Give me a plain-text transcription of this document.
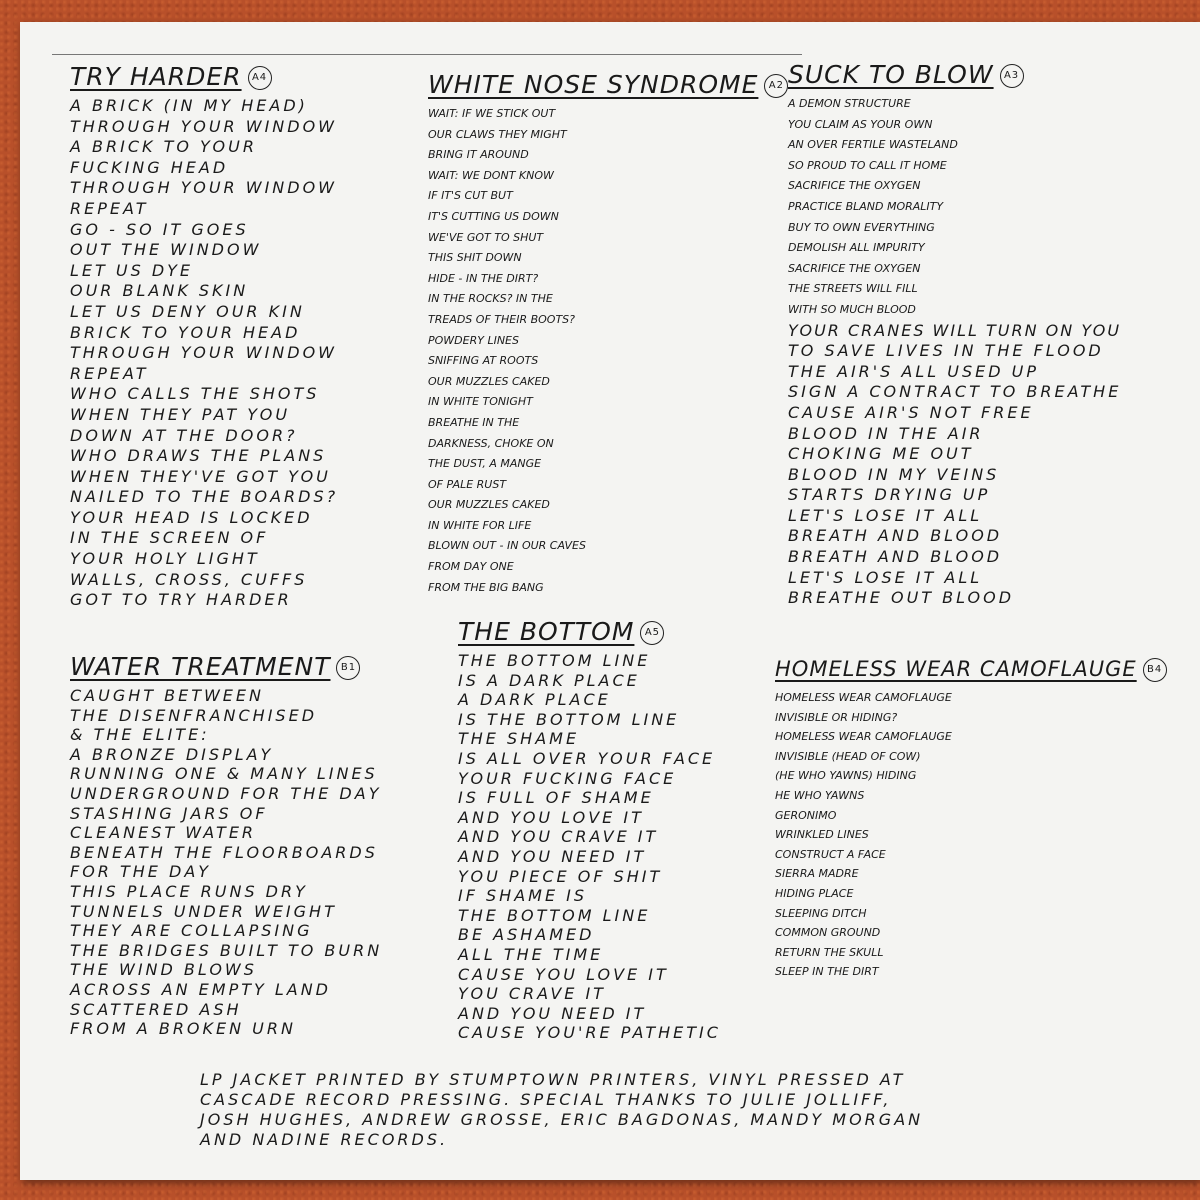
TRY HARDER A4
A BRICK (IN MY HEAD)
THROUGH YOUR WINDOW
A BRICK TO YOUR
FUCKING HEAD
THROUGH YOUR WINDOW
REPEAT
GO - SO IT GOES
OUT THE WINDOW
LET US DYE
OUR BLANK SKIN
LET US DENY OUR KIN
BRICK TO YOUR HEAD
THROUGH YOUR WINDOW
REPEAT
WHO CALLS THE SHOTS
WHEN THEY PAT YOU
DOWN AT THE DOOR?
WHO DRAWS THE PLANS
WHEN THEY'VE GOT YOU
NAILED TO THE BOARDS?
YOUR HEAD IS LOCKED
IN THE SCREEN OF
YOUR HOLY LIGHT
WALLS, CROSS, CUFFS
GOT TO TRY HARDER
WHITE NOSE SYNDROME A2
WAIT: IF WE STICK OUT
OUR CLAWS THEY MIGHT
BRING IT AROUND
WAIT: WE DONT KNOW
IF IT'S CUT BUT
IT'S CUTTING US DOWN
WE'VE GOT TO SHUT
THIS SHIT DOWN
HIDE - IN THE DIRT?
IN THE ROCKS? IN THE
TREADS OF THEIR BOOTS?
POWDERY LINES
SNIFFING AT ROOTS
OUR MUZZLES CAKED
IN WHITE TONIGHT
BREATHE IN THE
DARKNESS, CHOKE ON
THE DUST, A MANGE
OF PALE RUST
OUR MUZZLES CAKED
IN WHITE FOR LIFE
BLOWN OUT - IN OUR CAVES
FROM DAY ONE
FROM THE BIG BANG
SUCK TO BLOW A3
A DEMON STRUCTURE
YOU CLAIM AS YOUR OWN
AN OVER FERTILE WASTELAND
SO PROUD TO CALL IT HOME
SACRIFICE THE OXYGEN
PRACTICE BLAND MORALITY
BUY TO OWN EVERYTHING
DEMOLISH ALL IMPURITY
SACRIFICE THE OXYGEN
THE STREETS WILL FILL
WITH SO MUCH BLOOD
YOUR CRANES WILL TURN ON YOU
TO SAVE LIVES IN THE FLOOD
THE AIR'S ALL USED UP
SIGN A CONTRACT TO BREATHE
CAUSE AIR'S NOT FREE
BLOOD IN THE AIR
CHOKING ME OUT
BLOOD IN MY VEINS
STARTS DRYING UP
LET'S LOSE IT ALL
BREATH AND BLOOD
BREATH AND BLOOD
LET'S LOSE IT ALL
BREATHE OUT BLOOD
THE BOTTOM A5
THE BOTTOM LINE
IS A DARK PLACE
A DARK PLACE
IS THE BOTTOM LINE
THE SHAME
IS ALL OVER YOUR FACE
YOUR FUCKING FACE
IS FULL OF SHAME
AND YOU LOVE IT
AND YOU CRAVE IT
AND YOU NEED IT
YOU PIECE OF SHIT
IF SHAME IS
THE BOTTOM LINE
BE ASHAMED
ALL THE TIME
CAUSE YOU LOVE IT
YOU CRAVE IT
AND YOU NEED IT
CAUSE YOU'RE PATHETIC
WATER TREATMENT B1
CAUGHT BETWEEN
THE DISENFRANCHISED
& THE ELITE:
A BRONZE DISPLAY
RUNNING ONE & MANY LINES
UNDERGROUND FOR THE DAY
STASHING JARS OF
CLEANEST WATER
BENEATH THE FLOORBOARDS
FOR THE DAY
THIS PLACE RUNS DRY
TUNNELS UNDER WEIGHT
THEY ARE COLLAPSING
THE BRIDGES BUILT TO BURN
THE WIND BLOWS
ACROSS AN EMPTY LAND
SCATTERED ASH
FROM A BROKEN URN
HOMELESS WEAR CAMOFLAUGE B4
HOMELESS WEAR CAMOFLAUGE
INVISIBLE OR HIDING?
HOMELESS WEAR CAMOFLAUGE
INVISIBLE (HEAD OF COW)
(HE WHO YAWNS) HIDING
HE WHO YAWNS
GERONIMO
WRINKLED LINES
CONSTRUCT A FACE
SIERRA MADRE
HIDING PLACE
SLEEPING DITCH
COMMON GROUND
RETURN THE SKULL
SLEEP IN THE DIRT
LP JACKET PRINTED BY STUMPTOWN PRINTERS, VINYL PRESSED AT
CASCADE RECORD PRESSING. SPECIAL THANKS TO JULIE JOLLIFF,
JOSH HUGHES, ANDREW GROSSE, ERIC BAGDONAS, MANDY MORGAN
AND NADINE RECORDS.
